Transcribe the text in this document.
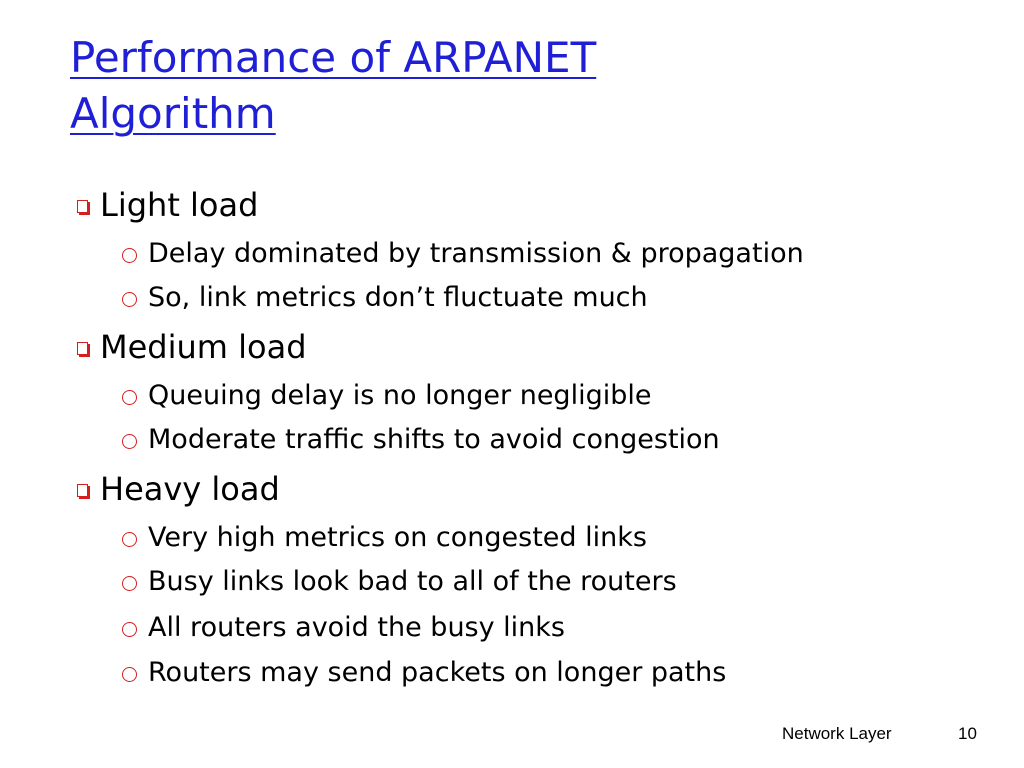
Performance of ARPANET
Algorithm
Light load
Delay dominated by transmission & propagation
So, link metrics don’t fluctuate much
Medium load
Queuing delay is no longer negligible
Moderate traffic shifts to avoid congestion
Heavy load
Very high metrics on congested links
Busy links look bad to all of the routers
All routers avoid the busy links
Routers may send packets on longer paths
Network Layer	10
